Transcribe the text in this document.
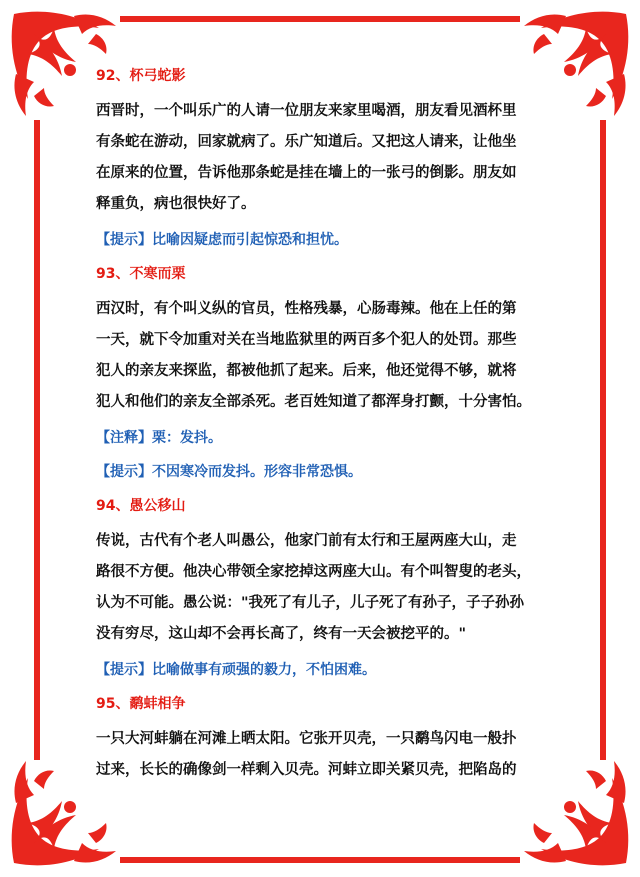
92、杯弓蛇影

西晋时，一个叫乐广的人请一位朋友来家里喝酒，朋友看见酒杯里

有条蛇在游动，回家就病了。乐广知道后。又把这人请来，让他坐

在原来的位置，告诉他那条蛇是挂在墙上的一张弓的倒影。朋友如

释重负，病也很快好了。

【提示】比喻因疑虑而引起惊恐和担忧。

93、不寒而栗

西汉时，有个叫义纵的官员，性格残暴，心肠毒辣。他在上任的第

一天，就下令加重对关在当地监狱里的两百多个犯人的处罚。那些

犯人的亲友来探监，都被他抓了起来。后来，他还觉得不够，就将

犯人和他们的亲友全部杀死。老百姓知道了都浑身打颤，十分害怕。

【注释】栗：发抖。

【提示】不因寒冷而发抖。形容非常恐惧。

94、愚公移山

传说，古代有个老人叫愚公，他家门前有太行和王屋两座大山，走

路很不方便。他决心带领全家挖掉这两座大山。有个叫智叟的老头，

认为不可能。愚公说："我死了有儿子，儿子死了有孙子，子子孙孙

没有穷尽，这山却不会再长高了，终有一天会被挖平的。"

【提示】比喻做事有顽强的毅力，不怕困难。

95、鹬蚌相争

一只大河蚌躺在河滩上晒太阳。它张开贝壳，一只鹬鸟闪电一般扑

过来，长长的确像剑一样剩入贝壳。河蚌立即关紧贝壳，把陷岛的
